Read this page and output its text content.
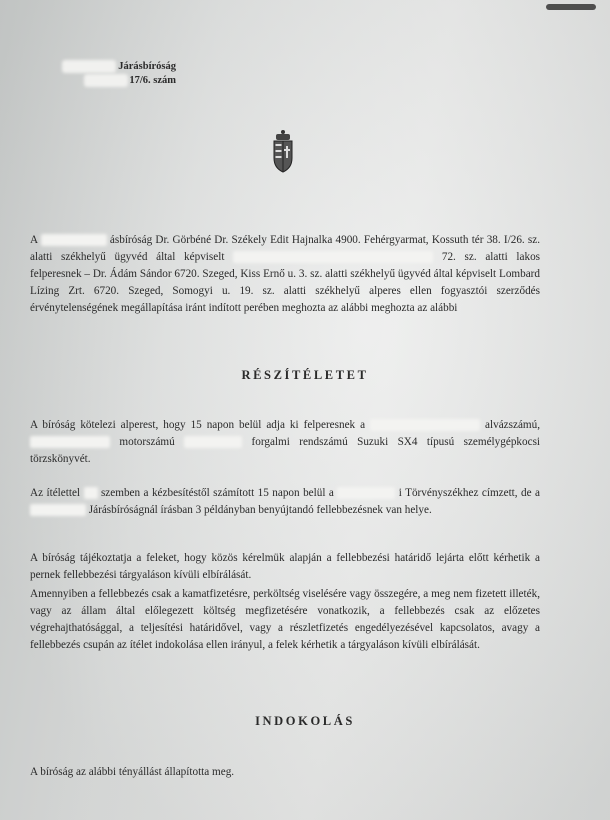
Járásbíróság
17/6. szám
A	ásbíróság Dr. Görbéné Dr. Székely Edit Hajnalka 4900. Fehérgyarmat, Kossuth tér 38. I/26. sz. alatti székhelyű ügyvéd által képviselt	72. sz. alatti lakos felperesnek – Dr. Ádám Sándor 6720. Szeged, Kiss Ernő u. 3. sz. alatti székhelyű ügyvéd által képviselt Lombard Lízing Zrt. 6720. Szeged, Somogyi u. 19. sz. alatti székhelyű alperes ellen fogyasztói szerződés érvénytelenségének megállapítása iránt indított perében meghozta az alábbi meghozta az alábbi
RÉSZÍTÉLETET
A bíróság kötelezi alperest, hogy 15 napon belül adja ki felperesnek a	alvázszámú,  motorszámú	forgalmi rendszámú Suzuki SX4 típusú személygépkocsi törzskönyvét.
Az ítélettel szemben a kézbesítéstől számított 15 napon belül a	i Törvényszékhez címzett, de a  Járásbíróságnál írásban 3 példányban benyújtandó fellebbezésnek van helye.
A bíróság tájékoztatja a feleket, hogy közös kérelmük alapján a fellebbezési határidő lejárta előtt kérhetik a pernek fellebbezési tárgyaláson kívüli elbírálását.
Amennyiben a fellebbezés csak a kamatfizetésre, perköltség viselésére vagy összegére, a meg nem fizetett illeték, vagy az állam által előlegezett költség megfizetésére vonatkozik, a fellebbezés csak az előzetes végrehajthatósággal, a teljesítési határidővel, vagy a részletfizetés engedélyezésével kapcsolatos, avagy a fellebbezés csupán az ítélet indokolása ellen irányul, a felek kérhetik a tárgyaláson kívüli elbírálását.
INDOKOLÁS
A bíróság az alábbi tényállást állapította meg.
